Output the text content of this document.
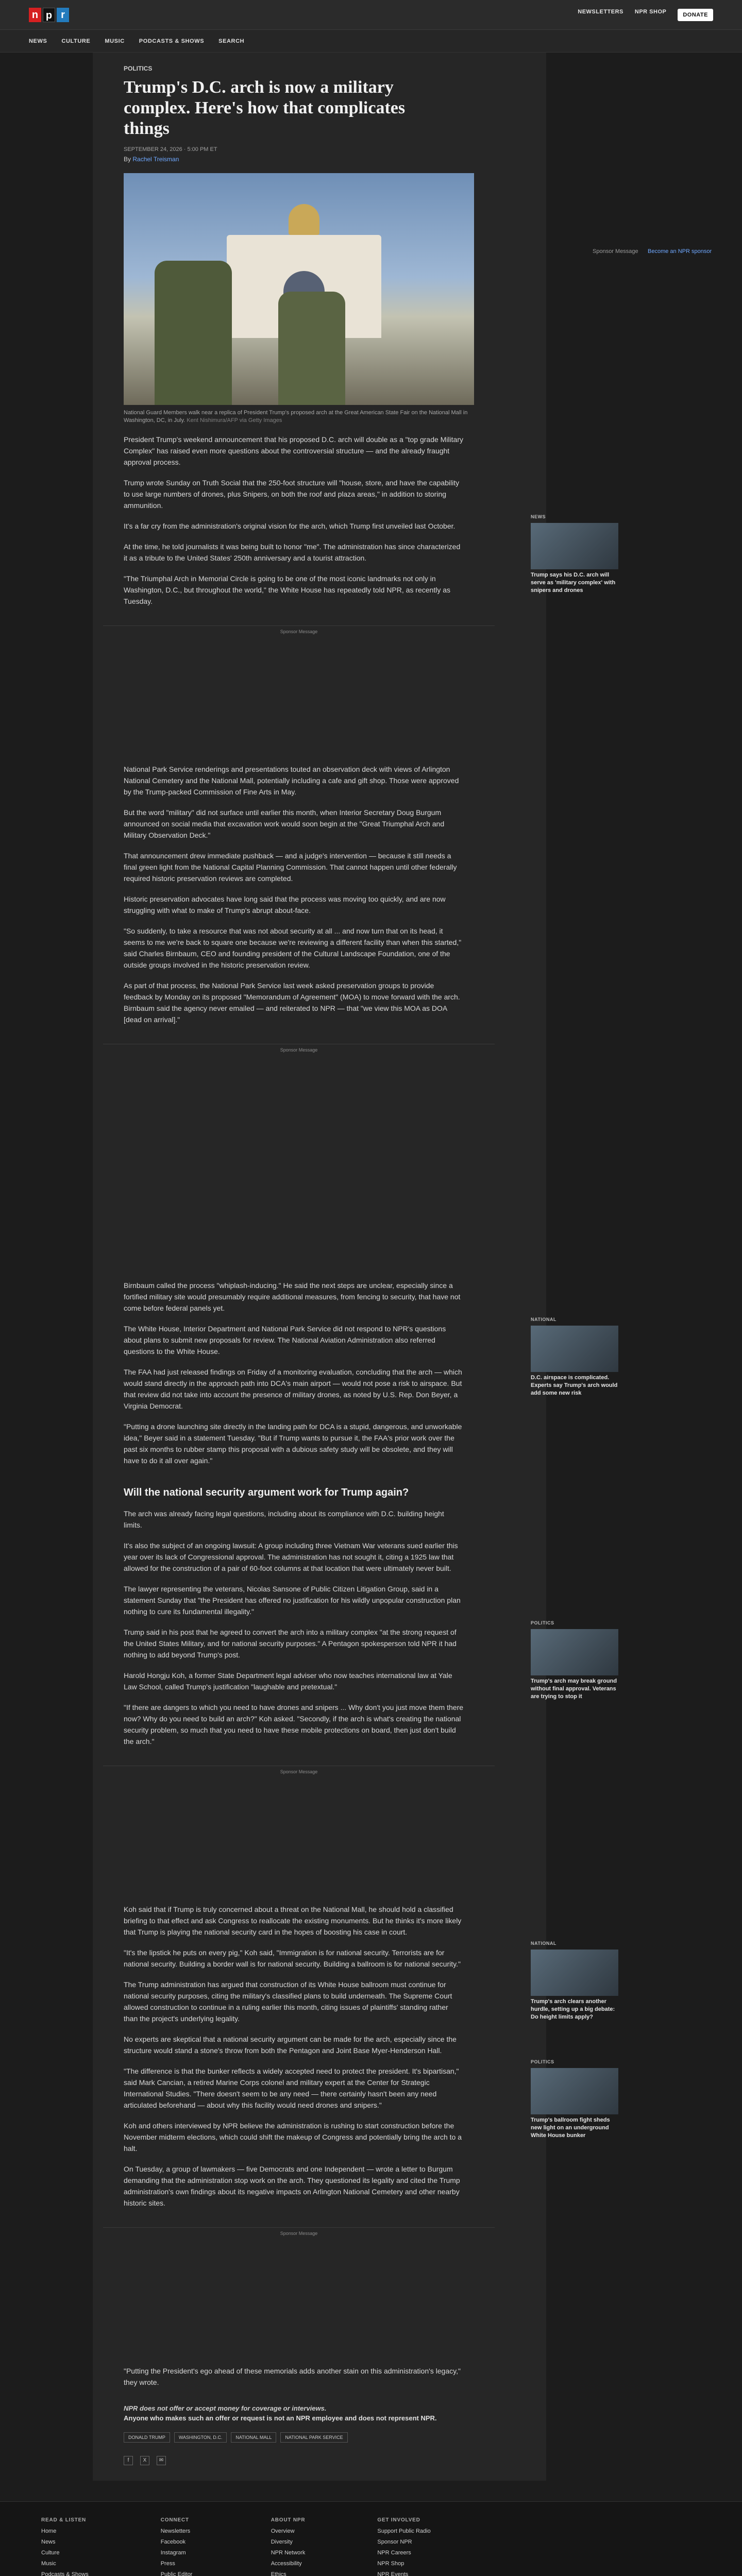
n p r	NEWSLETTERS NPR SHOP	DONATE
NEWS	CULTURE	MUSIC	PODCASTS & SHOWS	SEARCH
Sponsor Message Become an NPR sponsor
POLITICS
Trump's D.C. arch is now a military complex. Here's how that complicates things
SEPTEMBER 24, 2026 · 5:00 PM ET
By Rachel Treisman
National Guard Members walk near a replica of President Trump's proposed arch at the Great American State Fair on the National Mall in Washington, DC, in July. Kent Nishimura/AFP via Getty Images

President Trump's weekend announcement that his proposed D.C. arch will double as a "top grade Military Complex" has raised even more questions about the controversial structure — and the already fraught approval process.

Trump wrote Sunday on Truth Social that the 250-foot structure will "house, store, and have the capability to use large numbers of drones, plus Snipers, on both the roof and plaza areas," in addition to storing ammunition.

NEWS
Trump says his D.C. arch will serve as 'military complex' with snipers and drones

It's a far cry from the administration's original vision for the arch, which Trump first unveiled last October.

At the time, he told journalists it was being built to honor "me". The administration has since characterized it as a tribute to the United States' 250th anniversary and a tourist attraction.

"The Triumphal Arch in Memorial Circle is going to be one of the most iconic landmarks not only in Washington, D.C., but throughout the world," the White House has repeatedly told NPR, as recently as Tuesday.

Sponsor Message

National Park Service renderings and presentations touted an observation deck with views of Arlington National Cemetery and the National Mall, potentially including a cafe and gift shop. Those were approved by the Trump-packed Commission of Fine Arts in May.

But the word "military" did not surface until earlier this month, when Interior Secretary Doug Burgum announced on social media that excavation work would soon begin at the "Great Triumphal Arch and Military Observation Deck."

That announcement drew immediate pushback — and a judge's intervention — because it still needs a final green light from the National Capital Planning Commission. That cannot happen until other federally required historic preservation reviews are completed.

Historic preservation advocates have long said that the process was moving too quickly, and are now struggling with what to make of Trump's abrupt about-face.

"So suddenly, to take a resource that was not about security at all ... and now turn that on its head, it seems to me we're back to square one because we're reviewing a different facility than when this started," said Charles Birnbaum, CEO and founding president of the Cultural Landscape Foundation, one of the outside groups involved in the historic preservation review.

As part of that process, the National Park Service last week asked preservation groups to provide feedback by Monday on its proposed "Memorandum of Agreement" (MOA) to move forward with the arch. Birnbaum said the agency never emailed — and reiterated to NPR — that "we view this MOA as DOA [dead on arrival]."

Sponsor Message

Birnbaum called the process "whiplash-inducing." He said the next steps are unclear, especially since a fortified military site would presumably require additional measures, from fencing to security, that have not come before federal panels yet.

NATIONAL
D.C. airspace is complicated. Experts say Trump's arch would add some new risk

The White House, Interior Department and National Park Service did not respond to NPR's questions about plans to submit new proposals for review. The National Aviation Administration also referred questions to the White House.

The FAA had just released findings on Friday of a monitoring evaluation, concluding that the arch — which would stand directly in the approach path into DCA's main airport — would not pose a risk to airspace. But that review did not take into account the presence of military drones, as noted by U.S. Rep. Don Beyer, a Virginia Democrat.

"Putting a drone launching site directly in the landing path for DCA is a stupid, dangerous, and unworkable idea," Beyer said in a statement Tuesday. "But if Trump wants to pursue it, the FAA's prior work over the past six months to rubber stamp this proposal with a dubious safety study will be obsolete, and they will have to do it all over again."

Will the national security argument work for Trump again?

The arch was already facing legal questions, including about its compliance with D.C. building height limits.

It's also the subject of an ongoing lawsuit: A group including three Vietnam War veterans sued earlier this year over its lack of Congressional approval. The administration has not sought it, citing a 1925 law that allowed for the construction of a pair of 60-foot columns at that location that were ultimately never built.

The lawyer representing the veterans, Nicolas Sansone of Public Citizen Litigation Group, said in a statement Sunday that "the President has offered no justification for his wildly unpopular construction plan nothing to cure its fundamental illegality."

POLITICS
Trump's arch may break ground without final approval. Veterans are trying to stop it

Trump said in his post that he agreed to convert the arch into a military complex "at the strong request of the United States Military, and for national security purposes." A Pentagon spokesperson told NPR it had nothing to add beyond Trump's post.

Harold Hongju Koh, a former State Department legal adviser who now teaches international law at Yale Law School, called Trump's justification "laughable and pretextual."

"If there are dangers to which you need to have drones and snipers ... Why don't you just move them there now? Why do you need to build an arch?" Koh asked. "Secondly, if the arch is what's creating the national security problem, so much that you need to have these mobile protections on board, then just don't build the arch."

Sponsor Message

Koh said that if Trump is truly concerned about a threat on the National Mall, he should hold a classified briefing to that effect and ask Congress to reallocate the existing monuments. But he thinks it's more likely that Trump is playing the national security card in the hopes of boosting his case in court.

NATIONAL
Trump's arch clears another hurdle, setting up a big debate: Do height limits apply?

"It's the lipstick he puts on every pig," Koh said, "Immigration is for national security. Terrorists are for national security. Building a border wall is for national security. Building a ballroom is for national security."

The Trump administration has argued that construction of its White House ballroom must continue for national security purposes, citing the military's classified plans to build underneath. The Supreme Court allowed construction to continue in a ruling earlier this month, citing issues of plaintiffs' standing rather than the project's underlying legality.

No experts are skeptical that a national security argument can be made for the arch, especially since the structure would stand a stone's throw from both the Pentagon and Joint Base Myer-Henderson Hall.

POLITICS
Trump's ballroom fight sheds new light on an underground White House bunker

"The difference is that the bunker reflects a widely accepted need to protect the president. It's bipartisan," said Mark Cancian, a retired Marine Corps colonel and military expert at the Center for Strategic International Studies. "There doesn't seem to be any need — there certainly hasn't been any need articulated beforehand — about why this facility would need drones and snipers."

Koh and others interviewed by NPR believe the administration is rushing to start construction before the November midterm elections, which could shift the makeup of Congress and potentially bring the arch to a halt.

On Tuesday, a group of lawmakers — five Democrats and one Independent — wrote a letter to Burgum demanding that the administration stop work on the arch. They questioned its legality and cited the Trump administration's own findings about its negative impacts on Arlington National Cemetery and other nearby historic sites.

Sponsor Message

"Putting the President's ego ahead of these memorials adds another stain on this administration's legacy," they wrote.

NPR does not offer or accept money for coverage or interviews.
Anyone who makes such an offer or request is not an NPR employee and does not represent NPR.
DONALD TRUMP	WASHINGTON, D.C.	NATIONAL MALL	NATIONAL PARK SERVICE
f	X	✉
READ & LISTEN
Home
News
Culture
Music
Podcasts & Shows
CONNECT
Newsletters
Facebook
Instagram
Press
Public Editor
ABOUT NPR
Overview
Diversity
NPR Network
Accessibility
Ethics
GET INVOLVED
Support Public Radio
Sponsor NPR
NPR Careers
NPR Shop
NPR Events
